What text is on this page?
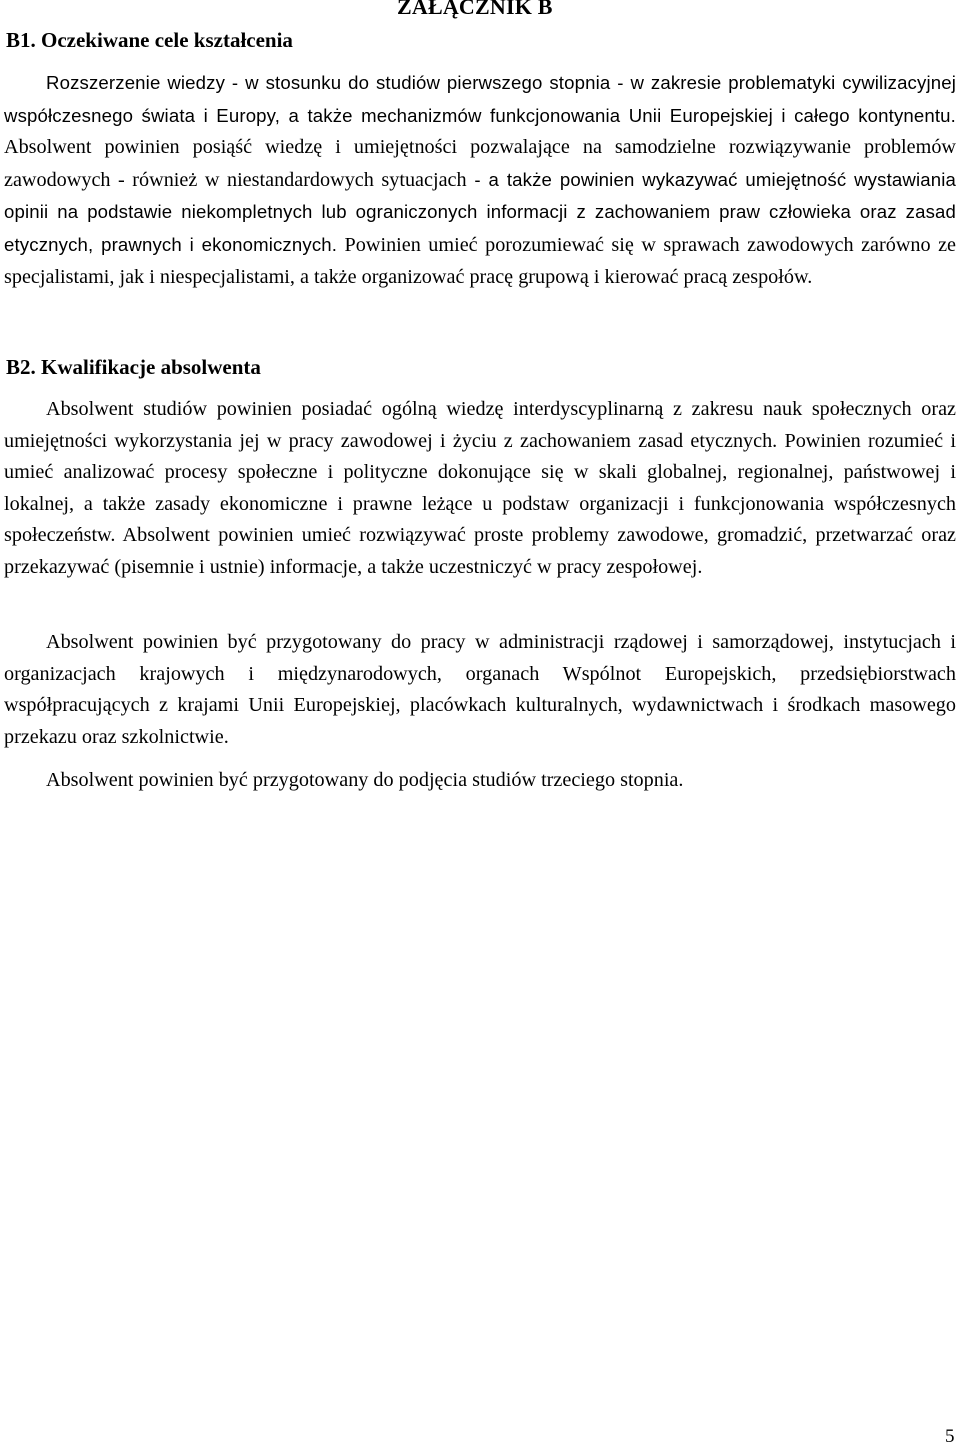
ZAŁĄCZNIK B
B1. Oczekiwane cele kształcenia

Rozszerzenie wiedzy - w stosunku do studiów pierwszego stopnia - w zakresie problematyki cywilizacyjnej współczesnego świata i Europy, a także mechanizmów funkcjonowania Unii Europejskiej i całego kontynentu. Absolwent powinien posiąść wiedzę i umiejętności pozwalające na samodzielne rozwiązywanie problemów zawodowych - również w niestandardowych sytuacjach - a także powinien wykazywać umiejętność wystawiania opinii na podstawie niekompletnych lub ograniczonych informacji z zachowaniem praw człowieka oraz zasad etycznych, prawnych i ekonomicznych. Powinien umieć porozumiewać się w sprawach zawodowych zarówno ze specjalistami, jak i niespecjalistami, a także organizować pracę grupową i kierować pracą zespołów.

B2. Kwalifikacje absolwenta

Absolwent studiów powinien posiadać ogólną wiedzę interdyscyplinarną z zakresu nauk społecznych oraz umiejętności wykorzystania jej w pracy zawodowej i życiu z zachowaniem zasad etycznych. Powinien rozumieć i umieć analizować procesy społeczne i polityczne dokonujące się w skali globalnej, regionalnej, państwowej i lokalnej, a także zasady ekonomiczne i prawne leżące u podstaw organizacji i funkcjonowania współczesnych społeczeństw. Absolwent powinien umieć rozwiązywać proste problemy zawodowe, gromadzić, przetwarzać oraz przekazywać (pisemnie i ustnie) informacje, a także uczestniczyć w pracy zespołowej.

Absolwent powinien być przygotowany do pracy w administracji rządowej i samorządowej, instytucjach i organizacjach krajowych i międzynarodowych, organach Wspólnot Europejskich, przedsiębiorstwach współpracujących z krajami Unii Europejskiej, placówkach kulturalnych, wydawnictwach i środkach masowego przekazu oraz szkolnictwie.

Absolwent powinien być przygotowany do podjęcia studiów trzeciego stopnia.

5
